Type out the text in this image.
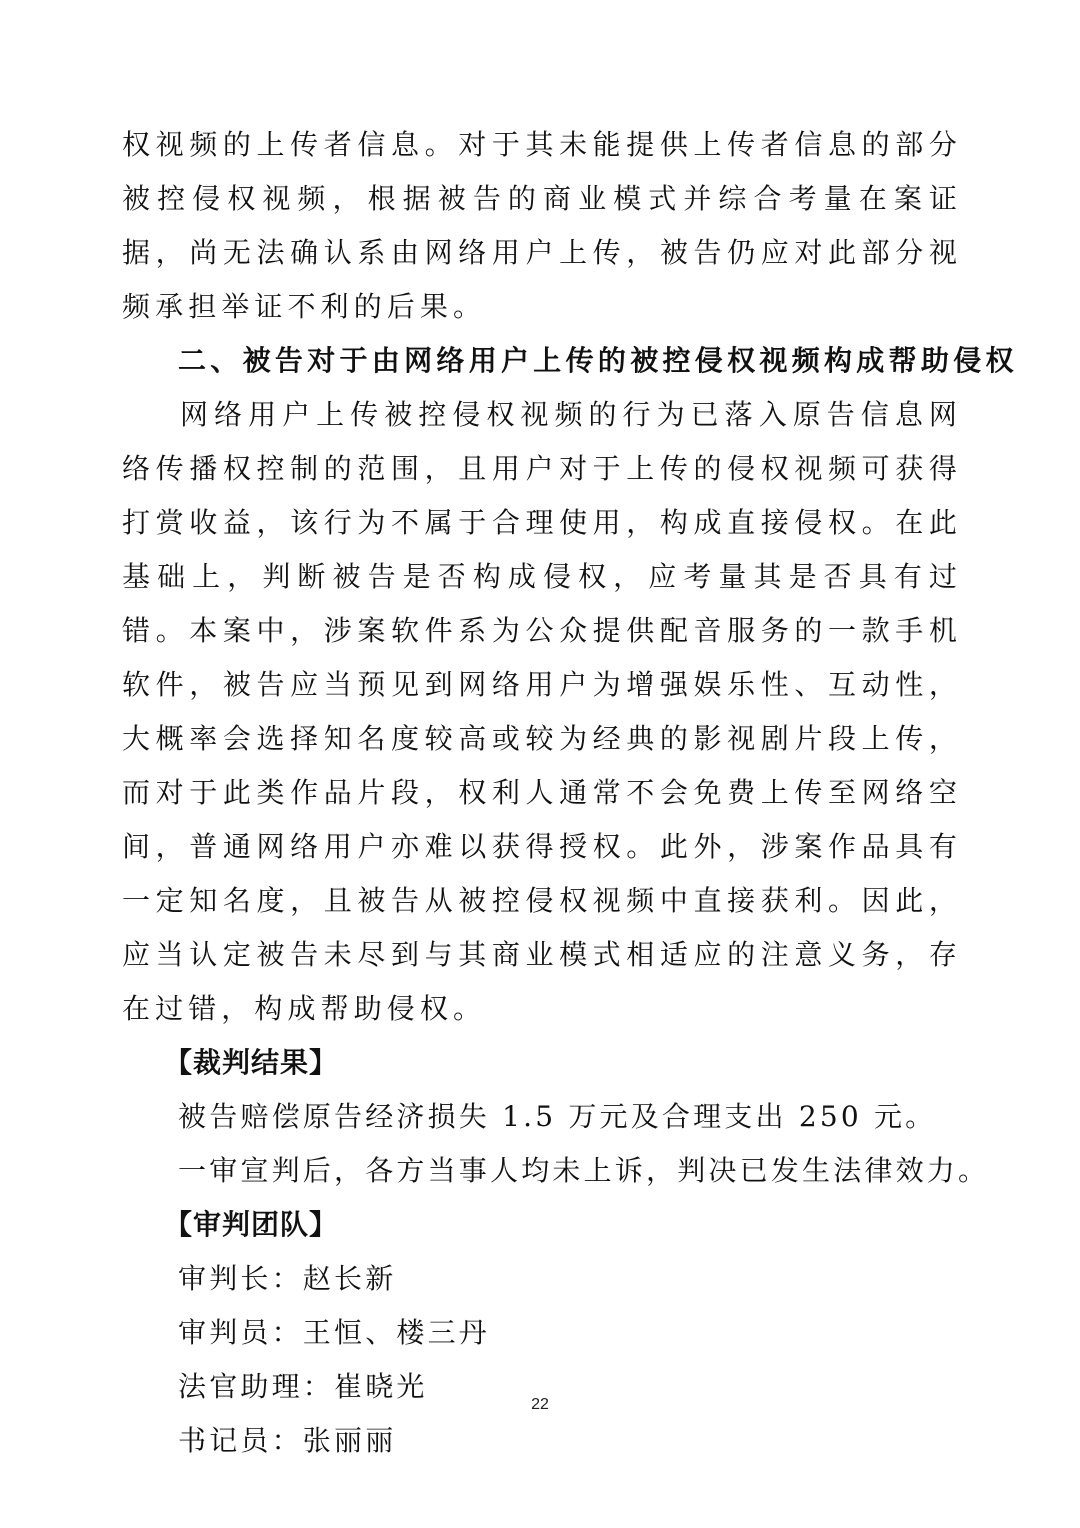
权视频的上传者信息。对于其未能提供上传者信息的部分被控侵权视频，根据被告的商业模式并综合考量在案证据，尚无法确认系由网络用户上传，被告仍应对此部分视频承担举证不利的后果。

二、被告对于由网络用户上传的被控侵权视频构成帮助侵权

网络用户上传被控侵权视频的行为已落入原告信息网络传播权控制的范围，且用户对于上传的侵权视频可获得打赏收益，该行为不属于合理使用，构成直接侵权。在此基础上，判断被告是否构成侵权，应考量其是否具有过错。本案中，涉案软件系为公众提供配音服务的一款手机软件，被告应当预见到网络用户为增强娱乐性、互动性，大概率会选择知名度较高或较为经典的影视剧片段上传，而对于此类作品片段，权利人通常不会免费上传至网络空间，普通网络用户亦难以获得授权。此外，涉案作品具有一定知名度，且被告从被控侵权视频中直接获利。因此，应当认定被告未尽到与其商业模式相适应的注意义务，存在过错，构成帮助侵权。

【裁判结果】

被告赔偿原告经济损失 1.5 万元及合理支出 250 元。

一审宣判后，各方当事人均未上诉，判决已发生法律效力。

【审判团队】

审判长：赵长新

审判员：王恒、楼三丹

法官助理：崔晓光

书记员：张丽丽

22
